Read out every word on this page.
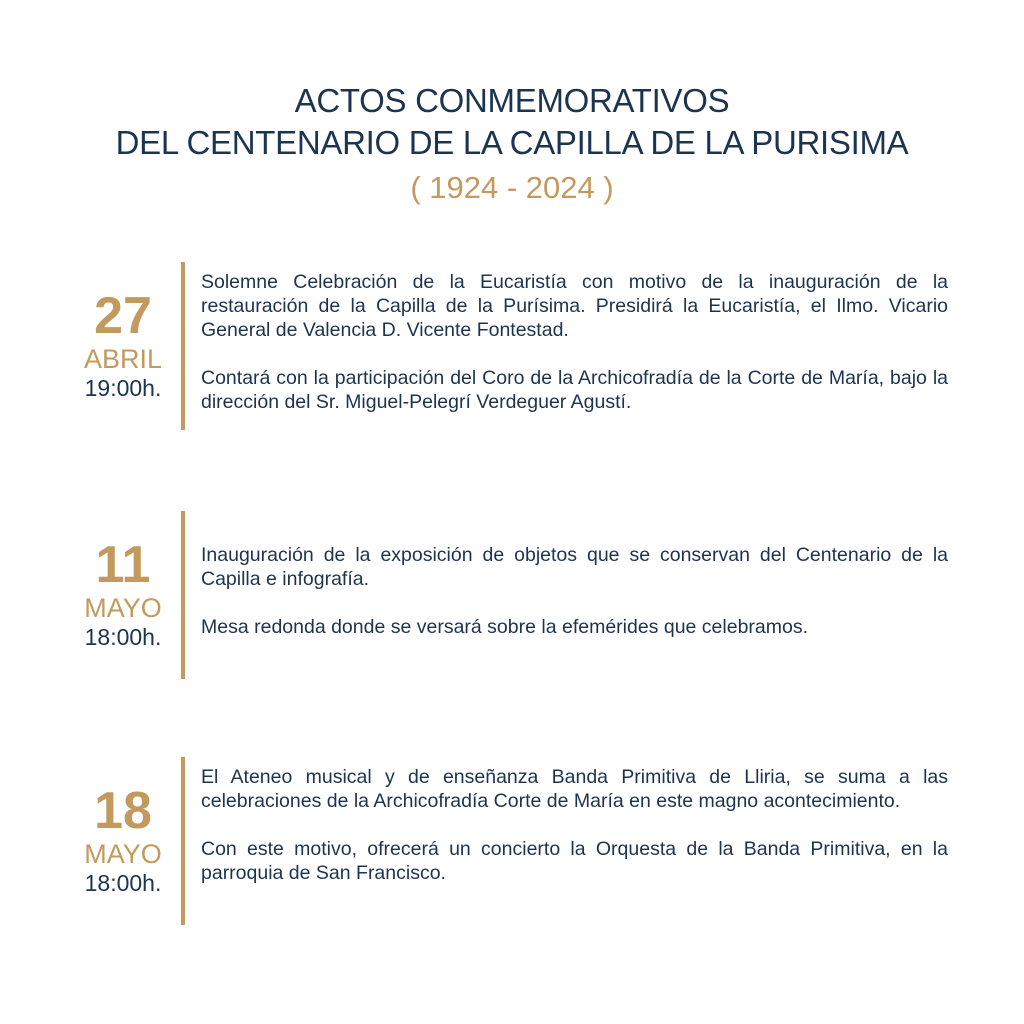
ACTOS CONMEMORATIVOS
DEL CENTENARIO DE LA CAPILLA DE LA PURISIMA
( 1924 - 2024 )
27
ABRIL
19:00h.

Solemne Celebración de la Eucaristía con motivo de la inauguración de la restauración de la Capilla de la Purísima. Presidirá la Eucaristía, el Ilmo. Vicario General de Valencia D. Vicente Fontestad.

Contará con la participación del Coro de la Archicofradía de la Corte de María, bajo la dirección del Sr. Miguel-Pelegrí Verdeguer Agustí.

11
MAYO
18:00h.

Inauguración de la exposición de objetos que se conservan del Centenario de la Capilla e infografía.

Mesa redonda donde se versará sobre la efemérides que celebramos.

18
MAYO
18:00h.

El Ateneo musical y de enseñanza Banda Primitiva de Lliria, se suma a las celebraciones de la Archicofradía Corte de María en este magno acontecimiento.

Con este motivo, ofrecerá un concierto la Orquesta de la Banda Primitiva, en la parroquia de San Francisco.
